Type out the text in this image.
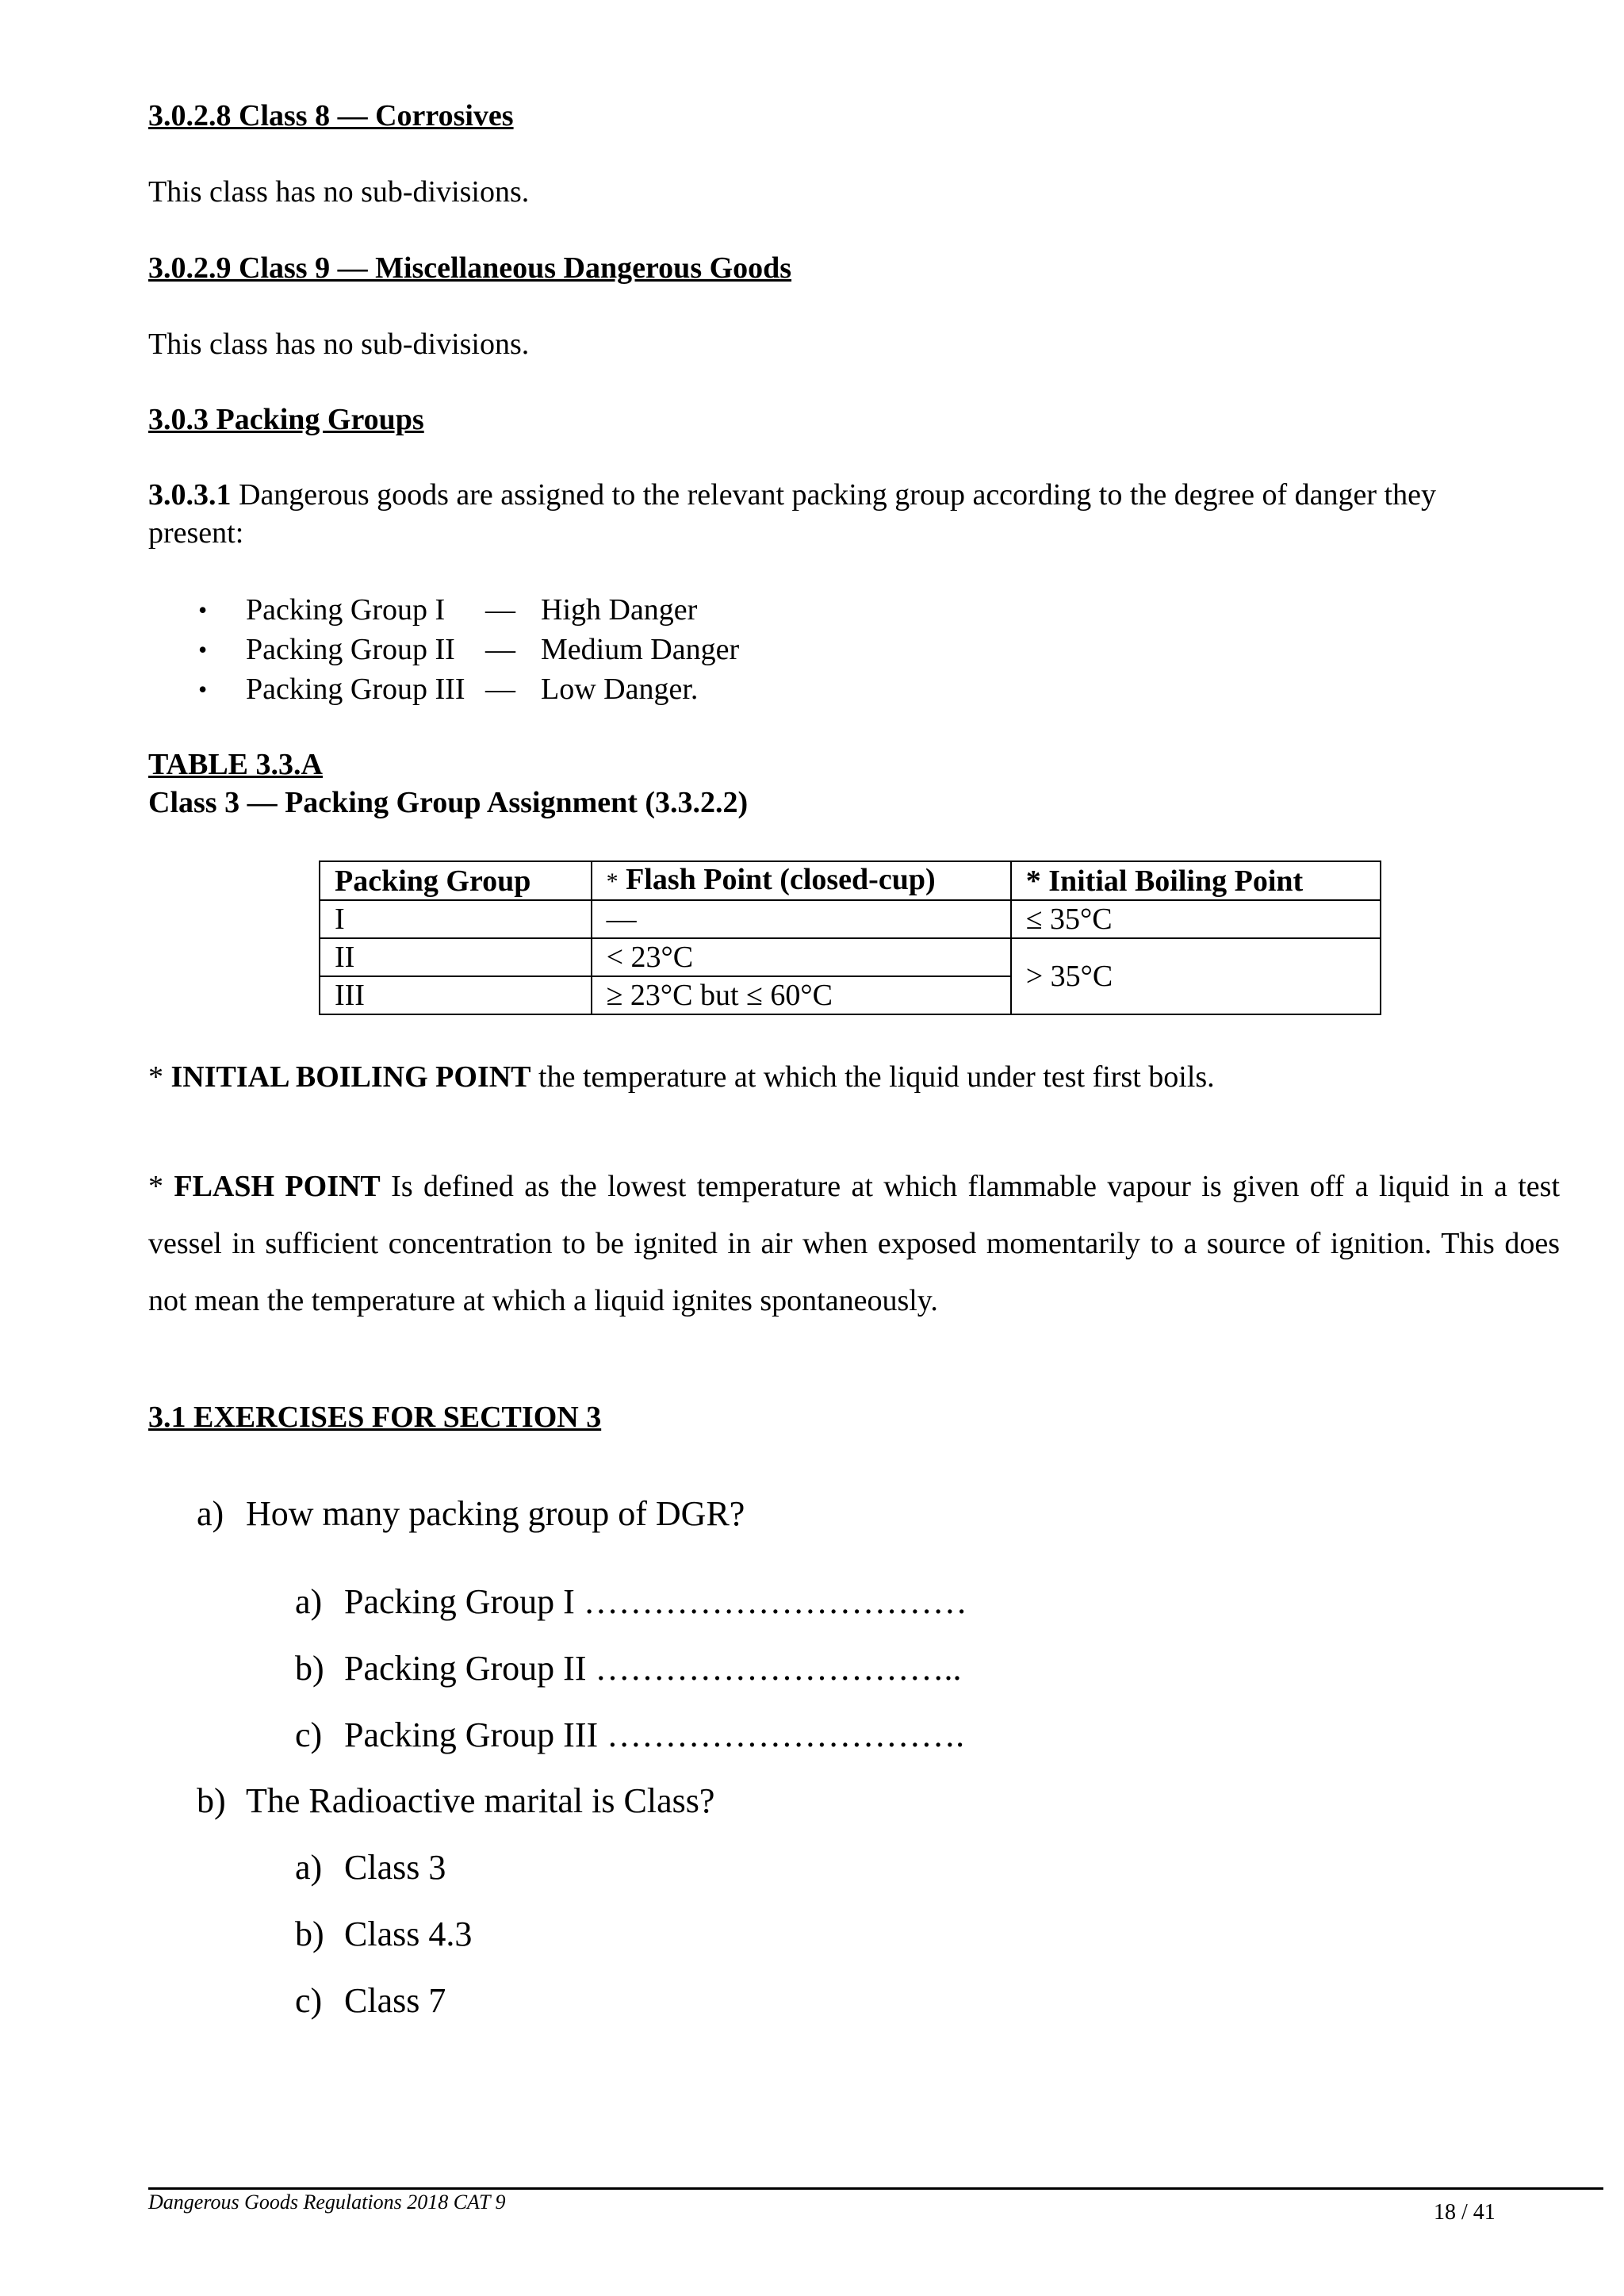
3.0.2.8 Class 8 — Corrosives
This class has no sub-divisions.
3.0.2.9 Class 9 — Miscellaneous Dangerous Goods
This class has no sub-divisions.
3.0.3 Packing Groups
3.0.3.1 Dangerous goods are assigned to the relevant packing group according to the degree of danger they
present:
• Packing Group I — High Danger
• Packing Group II — Medium Danger
• Packing Group III — Low Danger.
TABLE 3.3.A
Class 3 — Packing Group Assignment (3.3.2.2)
Packing Group	* Flash Point (closed-cup)	* Initial Boiling Point
I	—	≤ 35°C
II	< 23°C	> 35°C
III	≥ 23°C but ≤ 60°C	
* INITIAL BOILING POINT the temperature at which the liquid under test first boils.
* FLASH POINT Is defined as the lowest temperature at which flammable vapour is given off a liquid in a test vessel in sufficient concentration to be ignited in air when exposed momentarily to a source of ignition. This does not mean the temperature at which a liquid ignites spontaneously.
3.1 EXERCISES FOR SECTION 3
a) How many packing group of DGR?
a) Packing Group I ……………………………
b) Packing Group II …………………………..
c) Packing Group III ………………………….
b) The Radioactive marital is Class?
a) Class 3
b) Class 4.3
c) Class 7
Dangerous Goods Regulations 2018 CAT 9	18 / 41
